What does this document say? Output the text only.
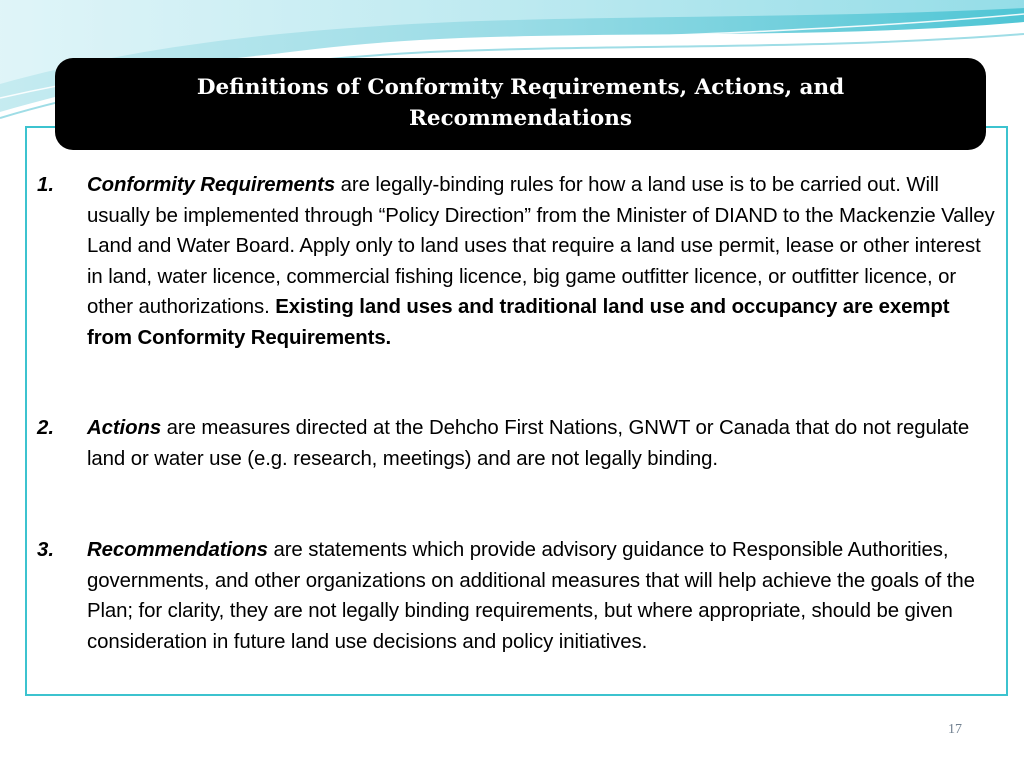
Definitions of Conformity Requirements, Actions, and Recommendations
1. Conformity Requirements are legally-binding rules for how a land use is to be carried out. Will usually be implemented through “Policy Direction” from the Minister of DIAND to the Mackenzie Valley Land and Water Board. Apply only to land uses that require a land use permit, lease or other interest in land, water licence, commercial fishing licence, big game outfitter licence, or outfitter licence, or other authorizations. Existing land uses and traditional land use and occupancy are exempt from Conformity Requirements.
2. Actions are measures directed at the Dehcho First Nations, GNWT or Canada that do not regulate land or water use (e.g. research, meetings) and are not legally binding.
3. Recommendations are statements which provide advisory guidance to Responsible Authorities, governments, and other organizations on additional measures that will help achieve the goals of the Plan; for clarity, they are not legally binding requirements, but where appropriate, should be given consideration in future land use decisions and policy initiatives.
17
